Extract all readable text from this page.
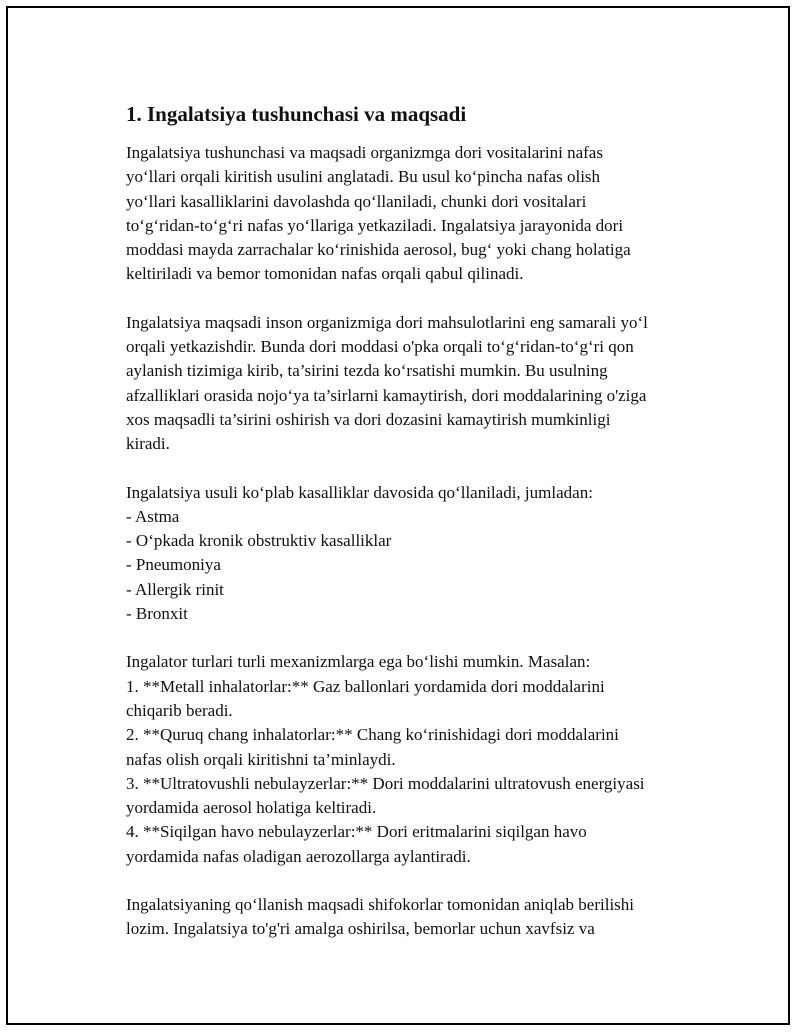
1. Ingalatsiya tushunchasi va maqsadi
Ingalatsiya tushunchasi va maqsadi organizmga dori vositalarini nafas
yo‘llari orqali kiritish usulini anglatadi. Bu usul ko‘pincha nafas olish
yo‘llari kasalliklarini davolashda qo‘llaniladi, chunki dori vositalari
to‘g‘ridan-to‘g‘ri nafas yo‘llariga yetkaziladi. Ingalatsiya jarayonida dori
moddasi mayda zarrachalar ko‘rinishida aerosol, bug‘ yoki chang holatiga
keltiriladi va bemor tomonidan nafas orqali qabul qilinadi.
Ingalatsiya maqsadi inson organizmiga dori mahsulotlarini eng samarali yo‘l
orqali yetkazishdir. Bunda dori moddasi o'pka orqali to‘g‘ridan-to‘g‘ri qon
aylanish tizimiga kirib, ta’sirini tezda ko‘rsatishi mumkin. Bu usulning
afzalliklari orasida nojo‘ya ta’sirlarni kamaytirish, dori moddalarining o'ziga
xos maqsadli ta’sirini oshirish va dori dozasini kamaytirish mumkinligi
kiradi.
Ingalatsiya usuli ko‘plab kasalliklar davosida qo‘llaniladi, jumladan:
- Astma
- O‘pkada kronik obstruktiv kasalliklar
- Pneumoniya
- Allergik rinit
- Bronxit
Ingalator turlari turli mexanizmlarga ega bo‘lishi mumkin. Masalan:
1. **Metall inhalatorlar:** Gaz ballonlari yordamida dori moddalarini
chiqarib beradi.
2. **Quruq chang inhalatorlar:** Chang ko‘rinishidagi dori moddalarini
nafas olish orqali kiritishni ta’minlaydi.
3. **Ultratovushli nebulayzerlar:** Dori moddalarini ultratovush energiyasi
yordamida aerosol holatiga keltiradi.
4. **Siqilgan havo nebulayzerlar:** Dori eritmalarini siqilgan havo
yordamida nafas oladigan aerozollarga aylantiradi.
Ingalatsiyaning qo‘llanish maqsadi shifokorlar tomonidan aniqlab berilishi
lozim. Ingalatsiya to'g'ri amalga oshirilsa, bemorlar uchun xavfsiz va
